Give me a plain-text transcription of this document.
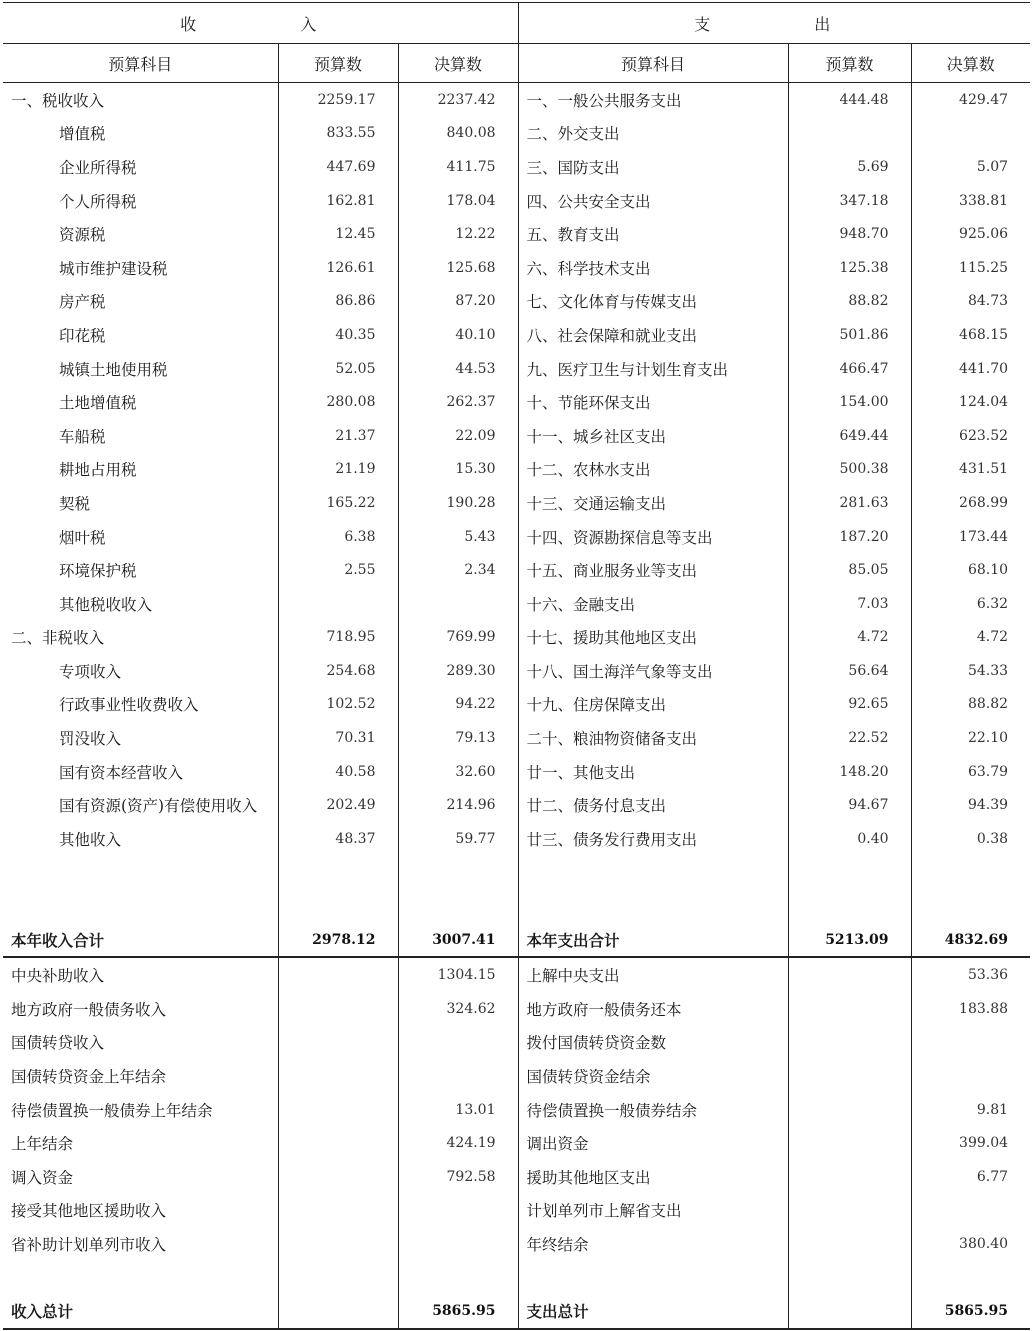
收　　入			支　　出		
预算科目	预算数	决算数	预算科目	预算数	决算数
一、税收收入	2259.17	2237.42	一、一般公共服务支出	444.48	429.47
增值税	833.55	840.08	二、外交支出		
企业所得税	447.69	411.75	三、国防支出	5.69	5.07
个人所得税	162.81	178.04	四、公共安全支出	347.18	338.81
资源税	12.45	12.22	五、教育支出	948.70	925.06
城市维护建设税	126.61	125.68	六、科学技术支出	125.38	115.25
房产税	86.86	87.20	七、文化体育与传媒支出	88.82	84.73
印花税	40.35	40.10	八、社会保障和就业支出	501.86	468.15
城镇土地使用税	52.05	44.53	九、医疗卫生与计划生育支出	466.47	441.70
土地增值税	280.08	262.37	十、节能环保支出	154.00	124.04
车船税	21.37	22.09	十一、城乡社区支出	649.44	623.52
耕地占用税	21.19	15.30	十二、农林水支出	500.38	431.51
契税	165.22	190.28	十三、交通运输支出	281.63	268.99
烟叶税	6.38	5.43	十四、资源勘探信息等支出	187.20	173.44
环境保护税	2.55	2.34	十五、商业服务业等支出	85.05	68.10
其他税收收入			十六、金融支出	7.03	6.32
二、非税收入	718.95	769.99	十七、援助其他地区支出	4.72	4.72
专项收入	254.68	289.30	十八、国土海洋气象等支出	56.64	54.33
行政事业性收费收入	102.52	94.22	十九、住房保障支出	92.65	88.82
罚没收入	70.31	79.13	二十、粮油物资储备支出	22.52	22.10
国有资本经营收入	40.58	32.60	廿一、其他支出	148.20	63.79
国有资源(资产)有偿使用收入	202.49	214.96	廿二、债务付息支出	94.67	94.39
其他收入	48.37	59.77	廿三、债务发行费用支出	0.40	0.38

本年收入合计	2978.12	3007.41	本年支出合计	5213.09	4832.69
中央补助收入		1304.15	上解中央支出		53.36
地方政府一般债务收入		324.62	地方政府一般债务还本		183.88
国债转贷收入			拨付国债转贷资金数		
国债转贷资金上年结余			国债转贷资金结余		
待偿债置换一般债券上年结余		13.01	待偿债置换一般债券结余		9.81
上年结余		424.19	调出资金		399.04
调入资金		792.58	援助其他地区支出		6.77
接受其他地区援助收入			计划单列市上解省支出		
省补助计划单列市收入			年终结余		380.40

收入总计		5865.95	支出总计		5865.95
